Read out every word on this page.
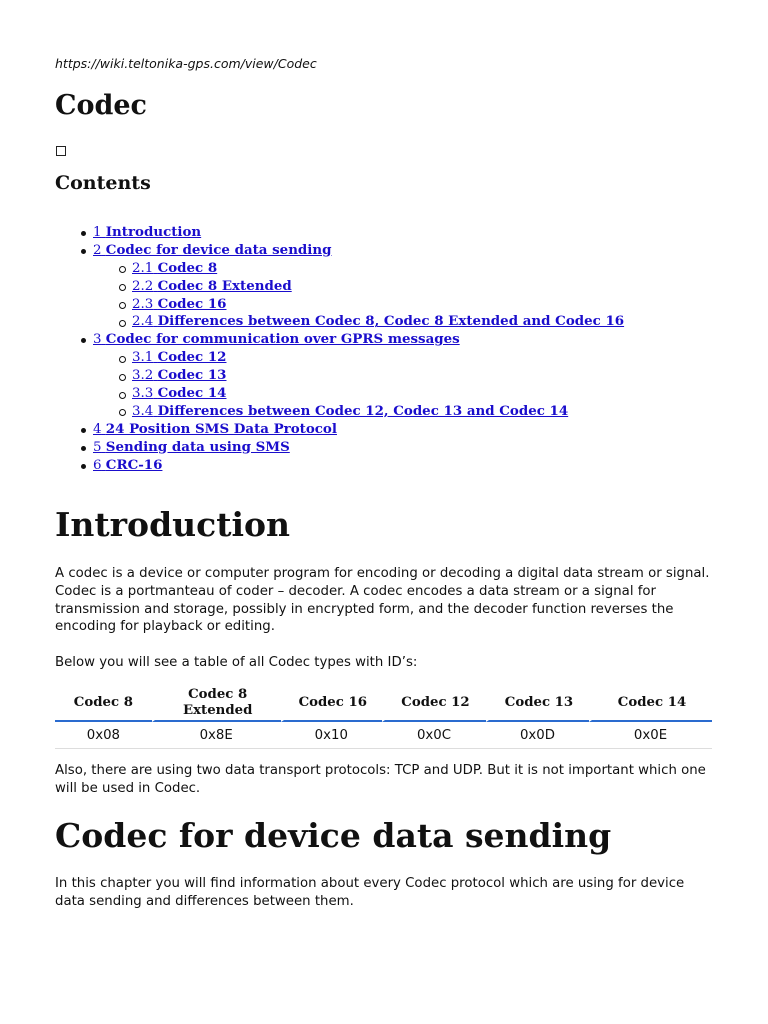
https://wiki.teltonika-gps.com/view/Codec
Codec
Contents
1 Introduction
2 Codec for device data sending
2.1 Codec 8
2.2 Codec 8 Extended
2.3 Codec 16
2.4 Differences between Codec 8, Codec 8 Extended and Codec 16
3 Codec for communication over GPRS messages
3.1 Codec 12
3.2 Codec 13
3.3 Codec 14
3.4 Differences between Codec 12, Codec 13 and Codec 14
4 24 Position SMS Data Protocol
5 Sending data using SMS
6 CRC-16
Introduction

A codec is a device or computer program for encoding or decoding a digital data stream or signal. Codec is a portmanteau of coder – decoder. A codec encodes a data stream or a signal for transmission and storage, possibly in encrypted form, and the decoder function reverses the encoding for playback or editing.

Below you will see a table of all Codec types with ID’s:

Codec 8	Codec 8 Extended	Codec 16	Codec 12	Codec 13	Codec 14
0x08	0x8E	0x10	0x0C	0x0D	0x0E

Also, there are using two data transport protocols: TCP and UDP. But it is not important which one will be used in Codec.

Codec for device data sending

In this chapter you will find information about every Codec protocol which are using for device data sending and differences between them.
